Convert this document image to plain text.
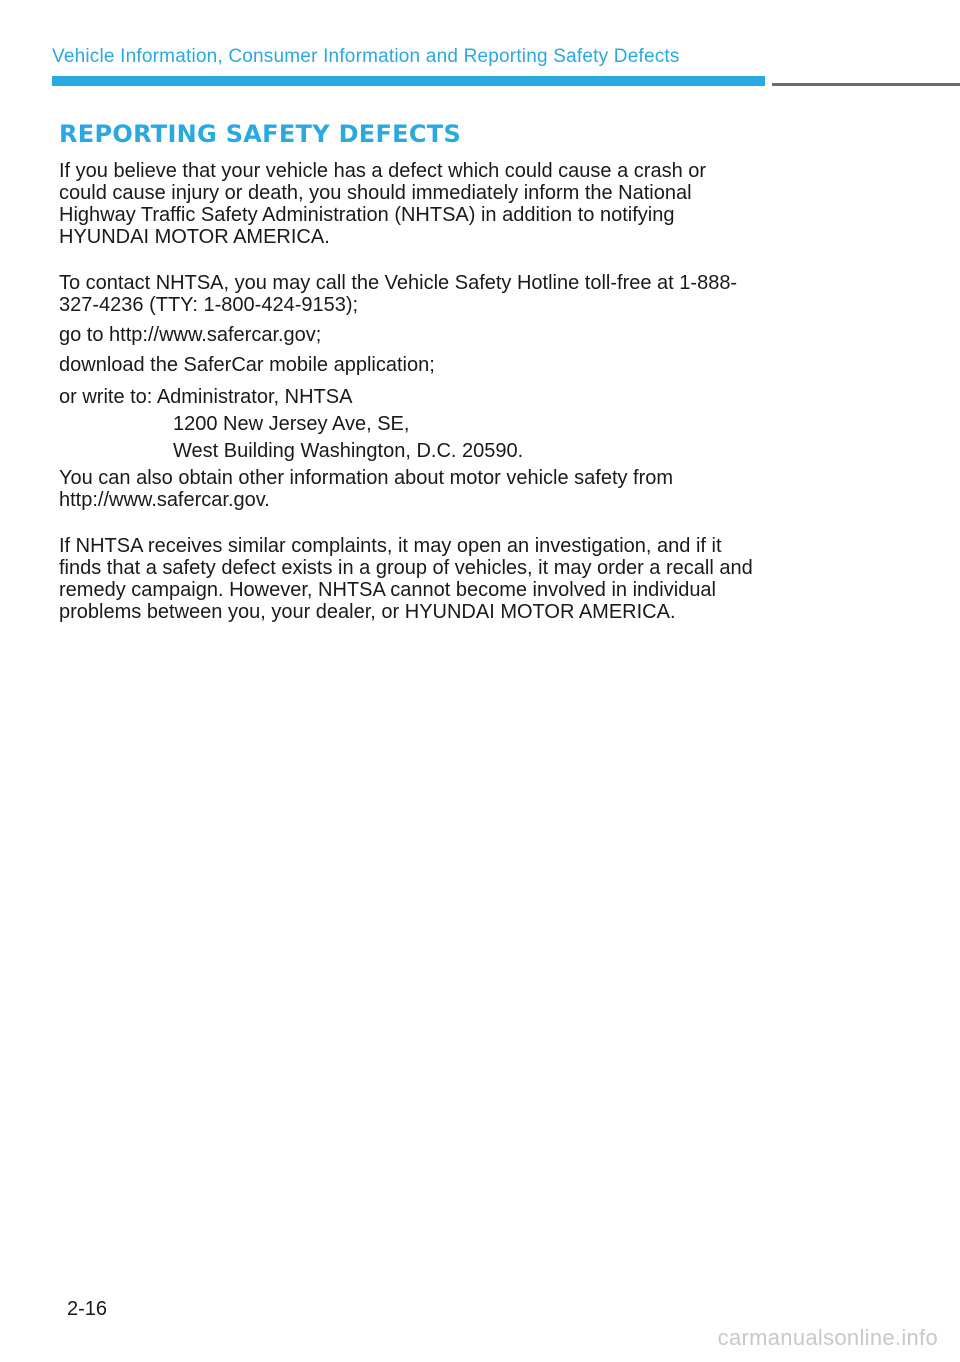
Vehicle Information, Consumer Information and Reporting Safety Defects
REPORTING SAFETY DEFECTS

If you believe that your vehicle has a defect which could cause a crash or

could cause injury or death, you should immediately inform the National

Highway Traffic Safety Administration (NHTSA) in addition to notifying

HYUNDAI MOTOR AMERICA.

To contact NHTSA, you may call the Vehicle Safety Hotline toll-free at 1-888-

327-4236 (TTY: 1-800-424-9153);

go to http://www.safercar.gov;

download the SaferCar mobile application;

or write to: Administrator, NHTSA

1200 New Jersey Ave, SE,

West Building Washington, D.C. 20590.

You can also obtain other information about motor vehicle safety from

http://www.safercar.gov.

If NHTSA receives similar complaints, it may open an investigation, and if it

finds that a safety defect exists in a group of vehicles, it may order a recall and

remedy campaign. However, NHTSA cannot become involved in individual

problems between you, your dealer, or HYUNDAI MOTOR AMERICA.

2-16
carmanualsonline.info
